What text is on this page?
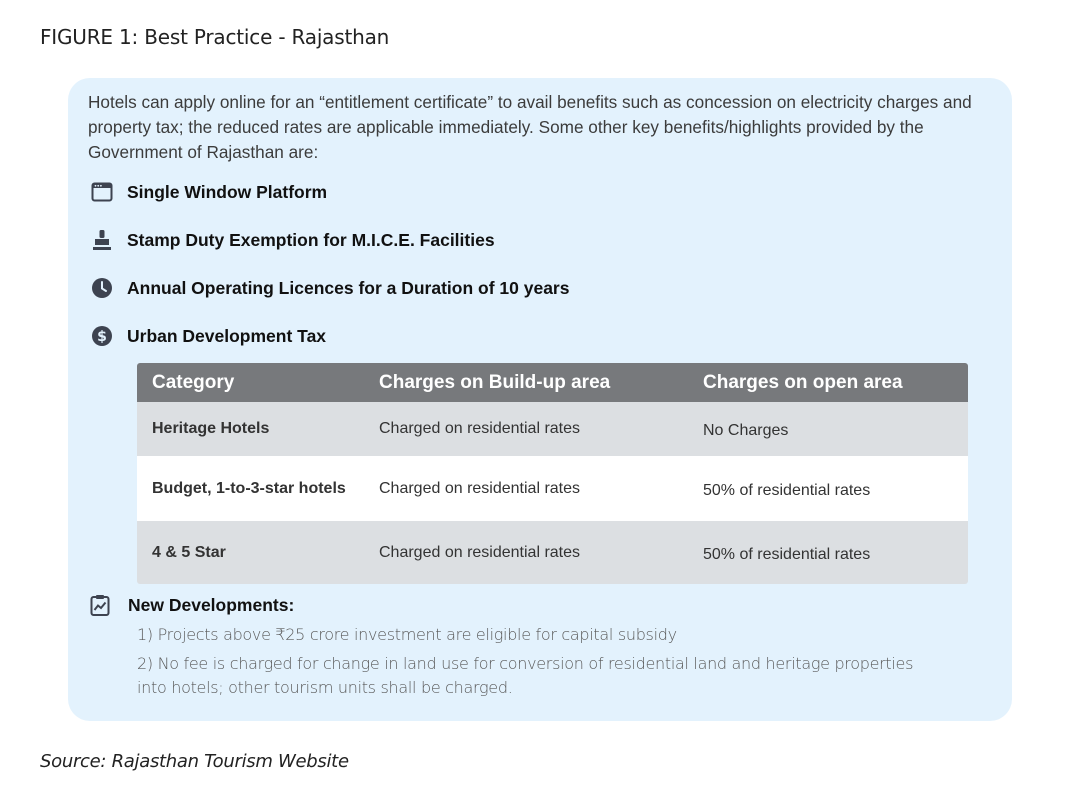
FIGURE 1: Best Practice - Rajasthan
Hotels can apply online for an “entitlement certificate” to avail benefits such as concession on electricity charges and property tax; the reduced rates are applicable immediately. Some other key benefits/highlights provided by the Government of Rajasthan are:
Single Window Platform
Stamp Duty Exemption for M.I.C.E. Facilities
Annual Operating Licences for a Duration of 10 years
$ Urban Development Tax
Category	Charges on Build-up area	Charges on open area
Heritage Hotels	Charged on residential rates	No Charges
Budget, 1-to-3-star hotels	Charged on residential rates	50% of residential rates
4 & 5 Star	Charged on residential rates	50% of residential rates
New Developments:
1) Projects above ₹25 crore investment are eligible for capital subsidy
2) No fee is charged for change in land use for conversion of residential land and heritage properties into hotels; other tourism units shall be charged.
Source: Rajasthan Tourism Website
